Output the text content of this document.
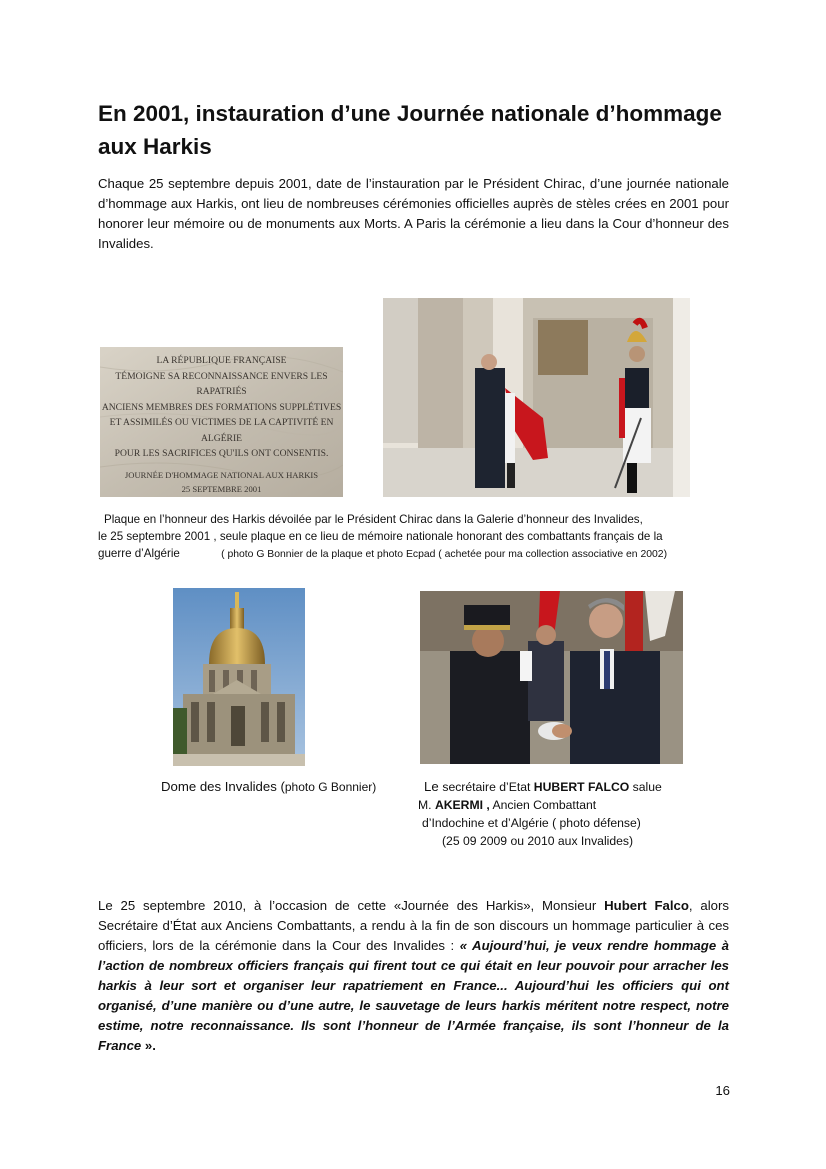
En 2001, instauration d’une Journée nationale d’hommage
aux Harkis

Chaque 25 septembre depuis 2001, date de l’instauration par le Président Chirac, d’une journée nationale d’hommage aux Harkis, ont lieu de nombreuses cérémonies officielles auprès de stèles crées en 2001 pour honorer leur mémoire ou de monuments aux Morts. A Paris la cérémonie a lieu dans la Cour d’honneur des Invalides.

LA RÉPUBLIQUE FRANÇAISE
TÉMOIGNE SA RECONNAISSANCE ENVERS LES RAPATRIÉS
ANCIENS MEMBRES DES FORMATIONS SUPPLÉTIVES
ET ASSIMILÉS OU VICTIMES DE LA CAPTIVITÉ EN ALGÉRIE
POUR LES SACRIFICES QU'ILS ONT CONSENTIS.
JOURNÉE D'HOMMAGE NATIONAL AUX HARKIS
25 SEPTEMBRE 2001
Plaque en l’honneur des Harkis dévoilée par le Président Chirac dans la Galerie d’honneur des Invalides,
le 25 septembre 2001 , seule plaque en ce lieu de mémoire nationale honorant des combattants français de la
guerre d’Algérie	( photo G Bonnier de la plaque et photo Ecpad ( achetée pour ma collection associative en 2002)
Dome des Invalides (photo G Bonnier)	Le secrétaire d’Etat HUBERT FALCO salue
M. AKERMI , Ancien Combattant
d’Indochine et d’Algérie ( photo défense)
(25 09 2009 ou 2010 aux Invalides)

Le 25 septembre 2010, à l’occasion de cette «Journée des Harkis», Monsieur Hubert Falco, alors Secrétaire d’État aux Anciens Combattants, a rendu à la fin de son discours un hommage particulier à ces officiers, lors de la cérémonie dans la Cour des Invalides : « Aujourd’hui, je veux rendre hommage à l’action de nombreux officiers français qui firent tout ce qui était en leur pouvoir pour arracher les harkis à leur sort et organiser leur rapatriement en France... Aujourd’hui les officiers qui ont organisé, d’une manière ou d’une autre, le sauvetage de leurs harkis méritent notre respect, notre estime, notre reconnaissance. Ils sont l’honneur de l’Armée française, ils sont l’honneur de la France ».

16
